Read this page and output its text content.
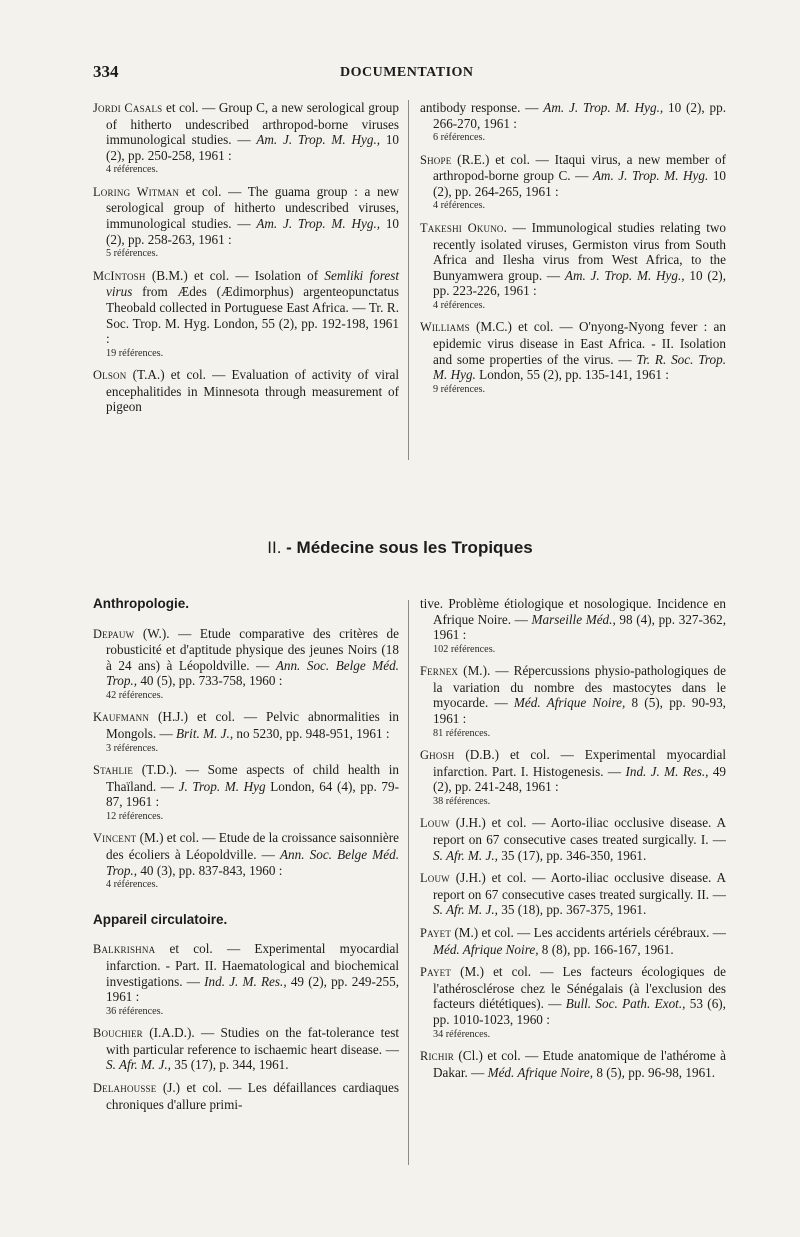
334	DOCUMENTATION

Jordi Casals et col. — Group C, a new serological group of hitherto undescribed arthropod-borne viruses immunological studies. — Am. J. Trop. M. Hyg., 10 (2), pp. 250-258, 1961 :

4 références.

Loring Witman et col. — The guama group : a new serological group of hitherto undescribed viruses, immunological studies. — Am. J. Trop. M. Hyg., 10 (2), pp. 258-263, 1961 :

5 références.

McIntosh (B.M.) et col. — Isolation of Semliki forest virus from Ædes (Ædimorphus) argenteopunctatus Theobald collected in Portuguese East Africa. — Tr. R. Soc. Trop. M. Hyg. London, 55 (2), pp. 192-198, 1961 :

19 références.

Olson (T.A.) et col. — Evaluation of activity of viral encephalitides in Minnesota through measurement of pigeon

antibody response. — Am. J. Trop. M. Hyg., 10 (2), pp. 266-270, 1961 :

6 références.

Shope (R.E.) et col. — Itaqui virus, a new member of arthropod-borne group C. — Am. J. Trop. M. Hyg. 10 (2), pp. 264-265, 1961 :

4 références.

Takeshi Okuno. — Immunological studies relating two recently isolated viruses, Germiston virus from South Africa and Ilesha virus from West Africa, to the Bunyamwera group. — Am. J. Trop. M. Hyg., 10 (2), pp. 223-226, 1961 :

4 références.

Williams (M.C.) et col. — O'nyong-Nyong fever : an epidemic virus disease in East Africa. - II. Isolation and some properties of the virus. — Tr. R. Soc. Trop. M. Hyg. London, 55 (2), pp. 135-141, 1961 :

9 références.
II. - Médecine sous les Tropiques
Anthropologie.

Depauw (W.). — Etude comparative des critères de robusticité et d'aptitude physique des jeunes Noirs (18 à 24 ans) à Léopoldville. — Ann. Soc. Belge Méd. Trop., 40 (5), pp. 733-758, 1960 :

42 références.

Kaufmann (H.J.) et col. — Pelvic abnormalities in Mongols. — Brit. M. J., no 5230, pp. 948-951, 1961 :

3 références.

Stahlie (T.D.). — Some aspects of child health in Thaïland. — J. Trop. M. Hyg London, 64 (4), pp. 79-87, 1961 :

12 références.

Vincent (M.) et col. — Etude de la croissance saisonnière des écoliers à Léopoldville. — Ann. Soc. Belge Méd. Trop., 40 (3), pp. 837-843, 1960 :

4 références.
Appareil circulatoire.

Balkrishna et col. — Experimental myocardial infarction. - Part. II. Haematological and biochemical investigations. — Ind. J. M. Res., 49 (2), pp. 249-255, 1961 :

36 références.

Bouchier (I.A.D.). — Studies on the fat-tolerance test with particular reference to ischaemic heart disease. — S. Afr. M. J., 35 (17), p. 344, 1961.

Delahousse (J.) et col. — Les défaillances cardiaques chroniques d'allure primi-

tive. Problème étiologique et nosologique. Incidence en Afrique Noire. — Marseille Méd., 98 (4), pp. 327-362, 1961 :

102 références.

Fernex (M.). — Répercussions physio-pathologiques de la variation du nombre des mastocytes dans le myocarde. — Méd. Afrique Noire, 8 (5), pp. 90-93, 1961 :

81 références.

Ghosh (D.B.) et col. — Experimental myocardial infarction. Part. I. Histogenesis. — Ind. J. M. Res., 49 (2), pp. 241-248, 1961 :

38 références.

Louw (J.H.) et col. — Aorto-iliac occlusive disease. A report on 67 consecutive cases treated surgically. I. — S. Afr. M. J., 35 (17), pp. 346-350, 1961.

Louw (J.H.) et col. — Aorto-iliac occlusive disease. A report on 67 consecutive cases treated surgically. II. — S. Afr. M. J., 35 (18), pp. 367-375, 1961.

Payet (M.) et col. — Les accidents artériels cérébraux. — Méd. Afrique Noire, 8 (8), pp. 166-167, 1961.

Payet (M.) et col. — Les facteurs écologiques de l'athérosclérose chez le Sénégalais (à l'exclusion des facteurs diététiques). — Bull. Soc. Path. Exot., 53 (6), pp. 1010-1023, 1960 :

34 références.

Richir (Cl.) et col. — Etude anatomique de l'athérome à Dakar. — Méd. Afrique Noire, 8 (5), pp. 96-98, 1961.
